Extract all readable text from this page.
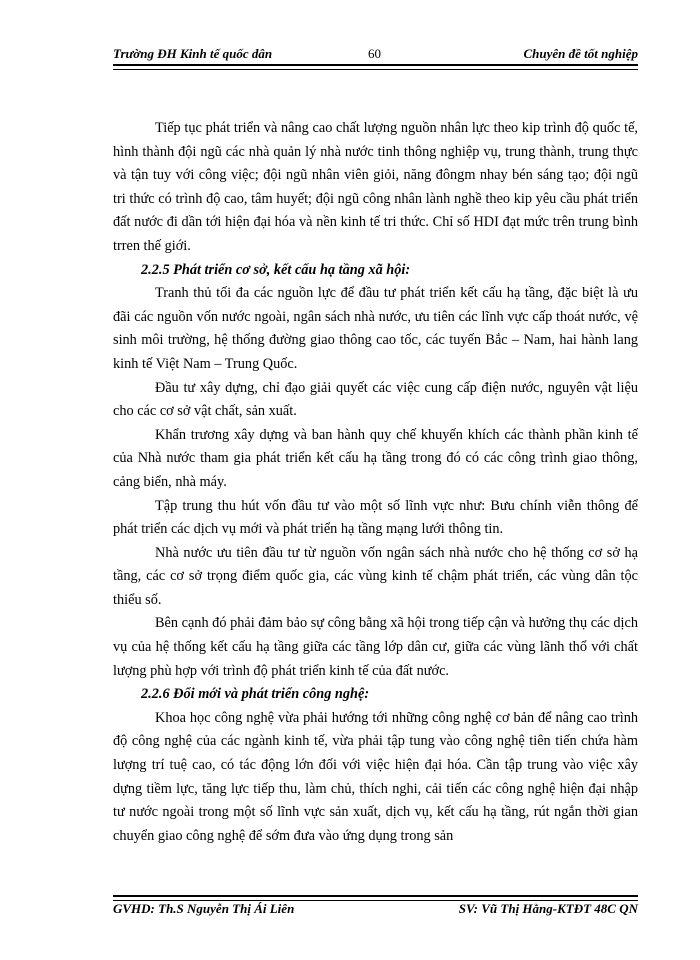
Trường ĐH Kinh tế quốc dân	60	Chuyên đề tốt nghiệp

Tiếp tục phát triển và nâng cao chất lượng nguồn nhân lực theo kip trình độ quốc tế, hình thành đội ngũ các nhà quản lý nhà nước tinh thông nghiệp vụ, trung thành, trung thực và tận tuy với công việc; đội ngũ nhân viên giỏi, năng đôngm nhay bén sáng tạo; đội ngũ tri thức có trình độ cao, tâm huyết; đội ngũ công nhân lành nghề theo kip yêu cầu phát triển đất nước đi dần tới hiện đại hóa và nền kinh tế tri thức. Chỉ số HDI đạt mức trên trung bình trren thế giới.

2.2.5 Phát triển cơ sở, kết cấu hạ tầng xã hội:

Tranh thủ tối đa các nguồn lực để đầu tư phát triển kết cấu hạ tầng, đặc biệt là ưu đãi các nguồn vốn nước ngoài, ngân sách nhà nước, ưu tiên các lĩnh vực cấp thoát nước, vệ sinh môi trường, hệ thống đường giao thông cao tốc, các tuyến Bắc – Nam, hai hành lang kinh tế Việt Nam – Trung Quốc.

Đầu tư xây dựng, chỉ đạo giải quyết các việc cung cấp điện nước, nguyên vật liệu cho các cơ sở vật chất, sản xuất.

Khẩn trương xây dựng và ban hành quy chế khuyến khích các thành phần kinh tế của Nhà nước tham gia phát triển kết cấu hạ tầng trong đó có các công trình giao thông, cảng biển, nhà máy.

Tập trung thu hút vốn đầu tư vào một số lĩnh vực như: Bưu chính viễn thông để phát triển các dịch vụ mới và phát triển hạ tầng mạng lưới thông tin.

Nhà nước ưu tiên đầu tư từ nguồn vốn ngân sách nhà nước cho hệ thống cơ sở hạ tầng, các cơ sở trọng điểm quốc gia, các vùng kinh tế chậm phát triển, các vùng dân tộc thiểu số.

Bên cạnh đó phải đảm bảo sự công bằng xã hội trong tiếp cận và hưởng thụ các dịch vụ của hệ thống kết cấu hạ tầng giữa các tầng lớp dân cư, giữa các vùng lãnh thổ với chất lượng phù hợp với trình độ phát triển kinh tế của đất nước.

2.2.6 Đổi mới và phát triển công nghệ:

Khoa học công nghệ vừa phải hướng tới những công nghệ cơ bản để nâng cao trình độ công nghệ của các ngành kinh tế, vừa phải tập tung vào công nghệ tiên tiến chứa hàm lượng trí tuệ cao, có tác động lớn đối với việc hiện đại hóa. Cần tập trung vào việc xây dựng tiềm lực, tăng lực tiếp thu, làm chủ, thích nghi, cải tiến các công nghệ hiện đại nhập tư nước ngoài trong một số lĩnh vực sản xuất, dịch vụ, kết cấu hạ tầng, rút ngắn thời gian chuyển giao công nghệ để sớm đưa vào ứng dụng trong sản

GVHD: Th.S Nguyễn Thị Ái Liên	SV: Vũ Thị Hằng-KTĐT 48C QN
